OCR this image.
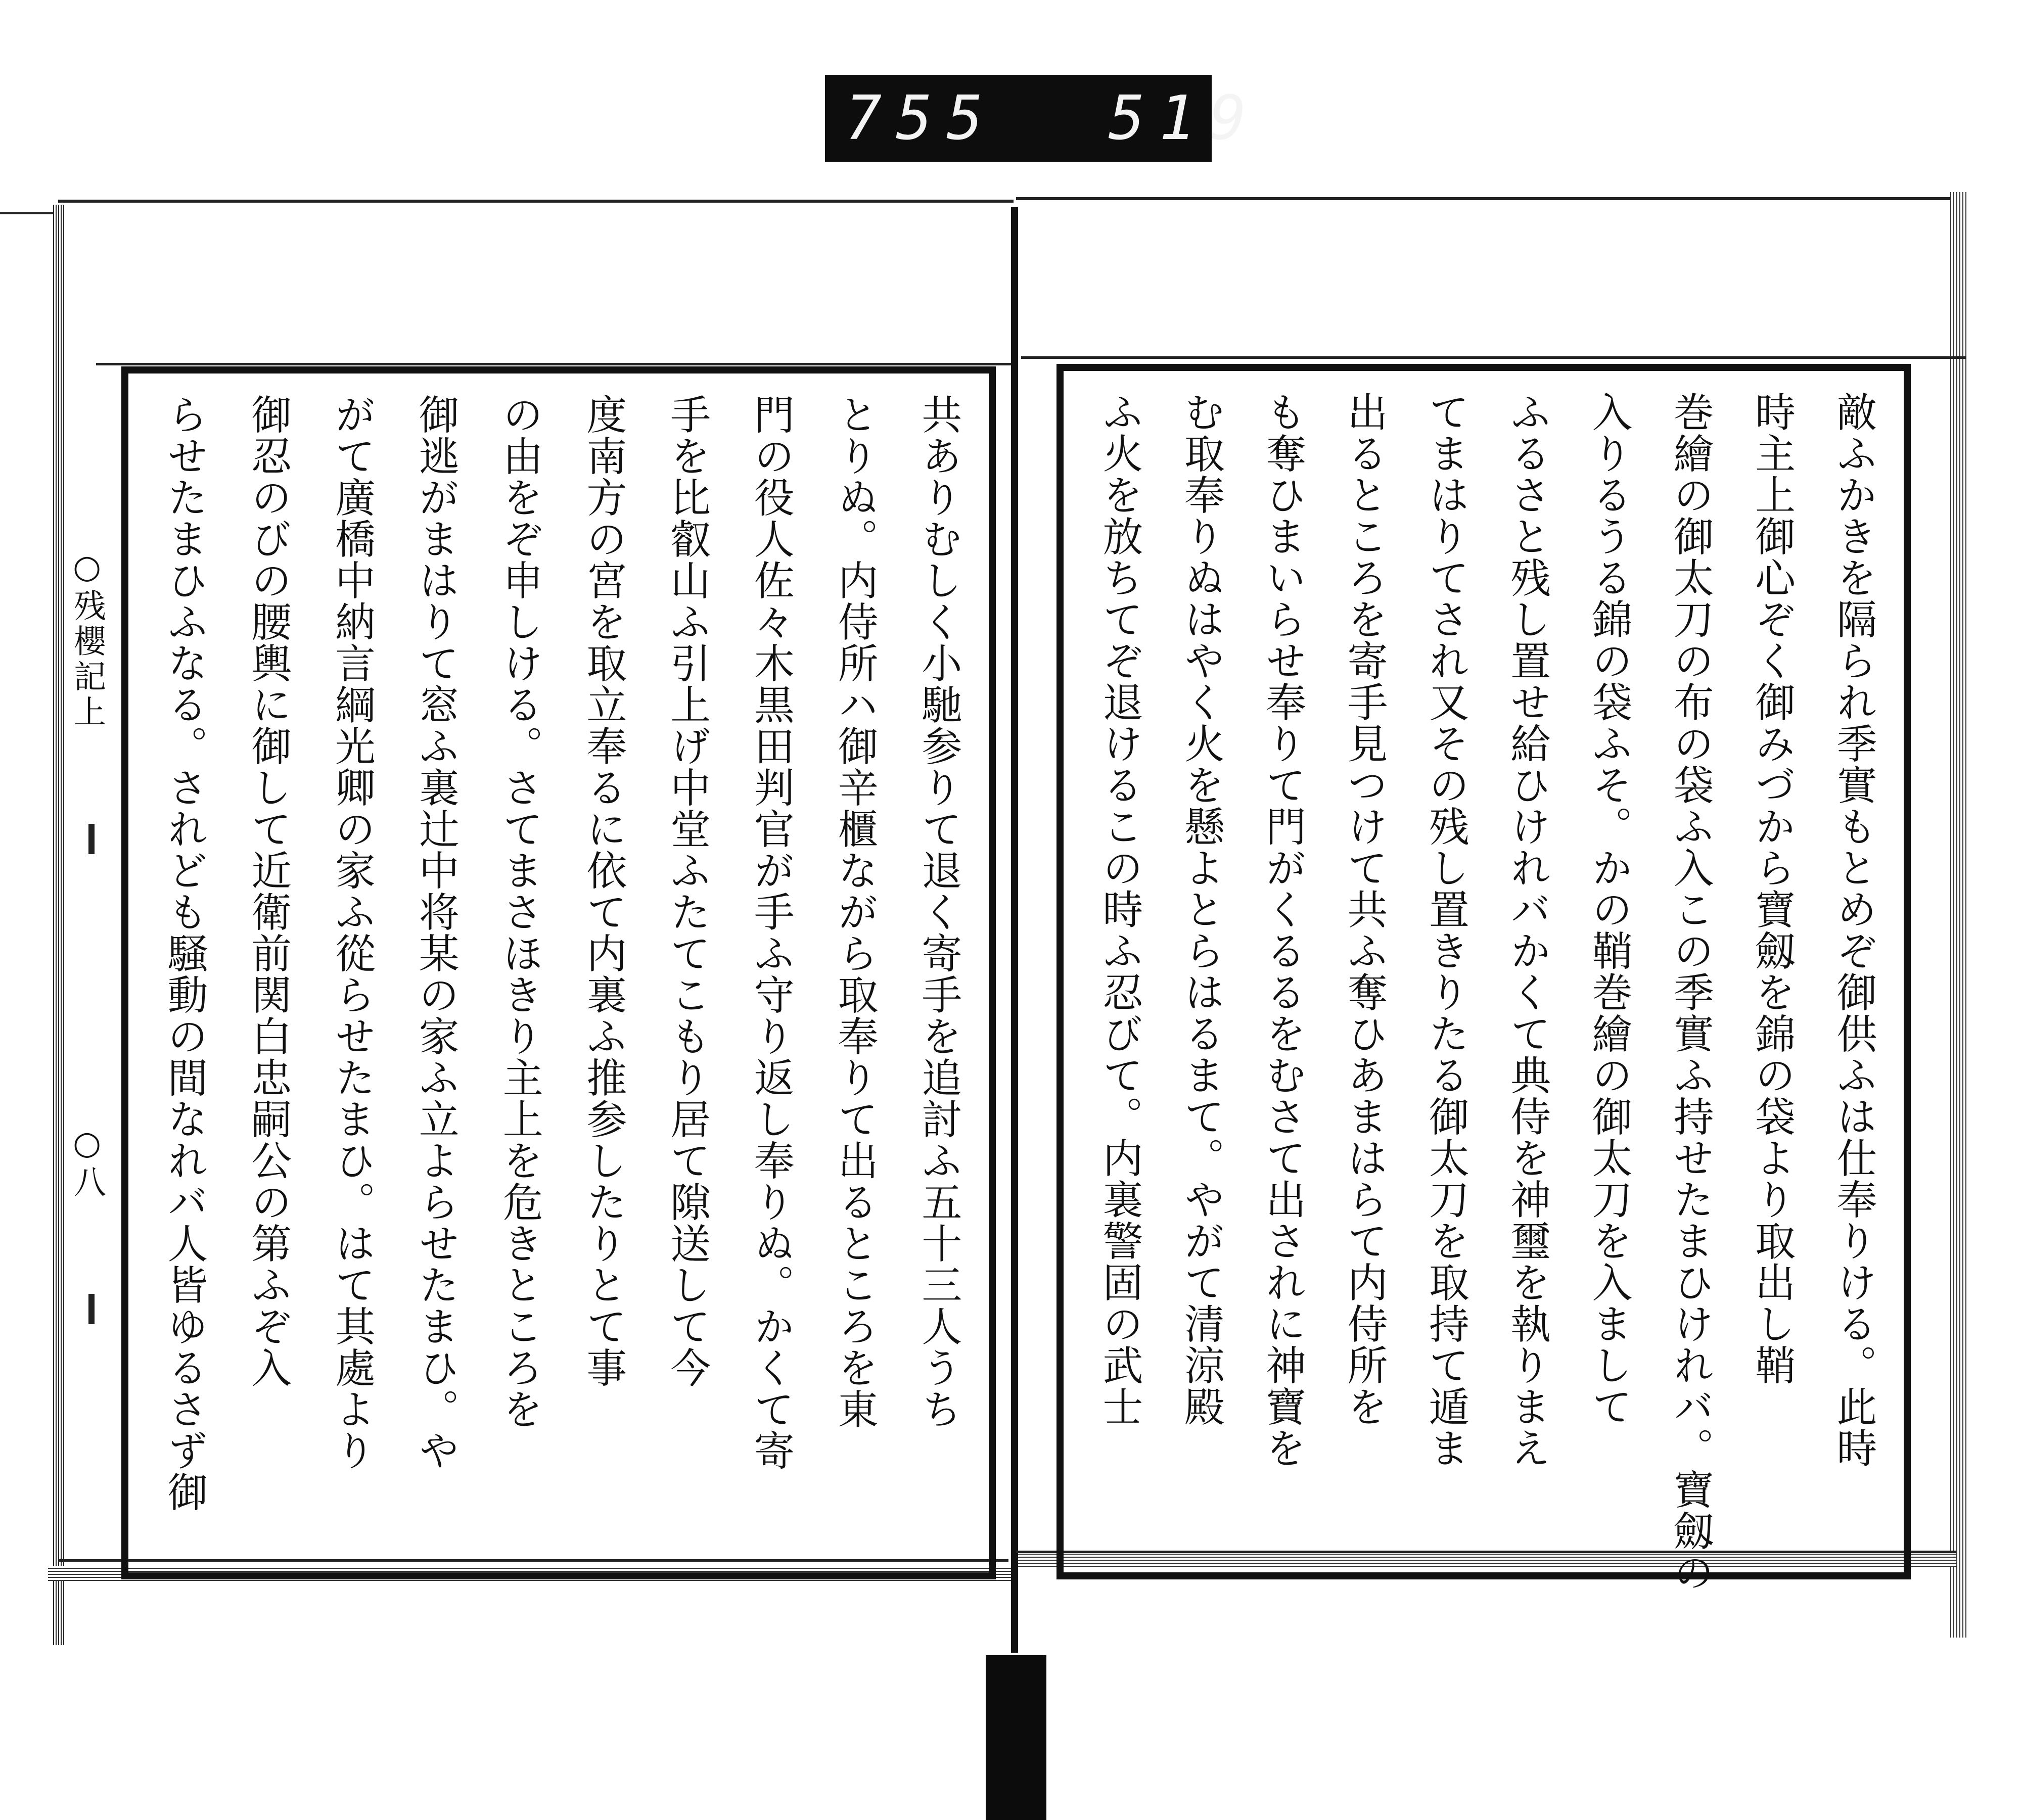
755 519
○残櫻記上
○八	共ありむしく小馳参りて退く寄手を追討ふ五十三人うち
とりぬ。内侍所ハ御辛櫃ながら取奉りて出るところを東
門の役人佐々木黒田判官が手ふ守り返し奉りぬ。かくて寄
手を比叡山ふ引上げ中堂ふたてこもり居て隙送して今
度南方の宮を取立奉るに依て内裏ふ推参したりとて事
の由をぞ申しける。さてまさほきり主上を危きところを
御逃がまはりて窓ふ裏辻中将某の家ふ立よらせたまひ。や
がて廣橋中納言綱光卿の家ふ從らせたまひ。はて其處より
御忍のびの腰輿に御して近衛前関白忠嗣公の第ふぞ入
らせたまひふなる。されども騒動の間なれバ人皆ゆるさず御	敵ふかきを隔られ季實もとめぞ御供ふは仕奉りける。此時
時主上御心ぞく御みづから寶劔を錦の袋より取出し鞘
巻繪の御太刀の布の袋ふ入この季實ふ持せたまひけれバ。寶劔の
入りるうる錦の袋ふそ。かの鞘巻繪の御太刀を入まして
ふるさと残し置せ給ひけれバかくて典侍を神璽を執りまえ
てまはりてされ又その残し置きりたる御太刀を取持て遁ま
出るところを寄手見つけて共ふ奪ひあまはらて内侍所を
も奪ひまいらせ奉りて門がくるるをむさて出されに神寶を
む取奉りぬはやく火を懸よとらはるまて。やがて清涼殿
ふ火を放ちてぞ退けるこの時ふ忍びて。内裏警固の武士
